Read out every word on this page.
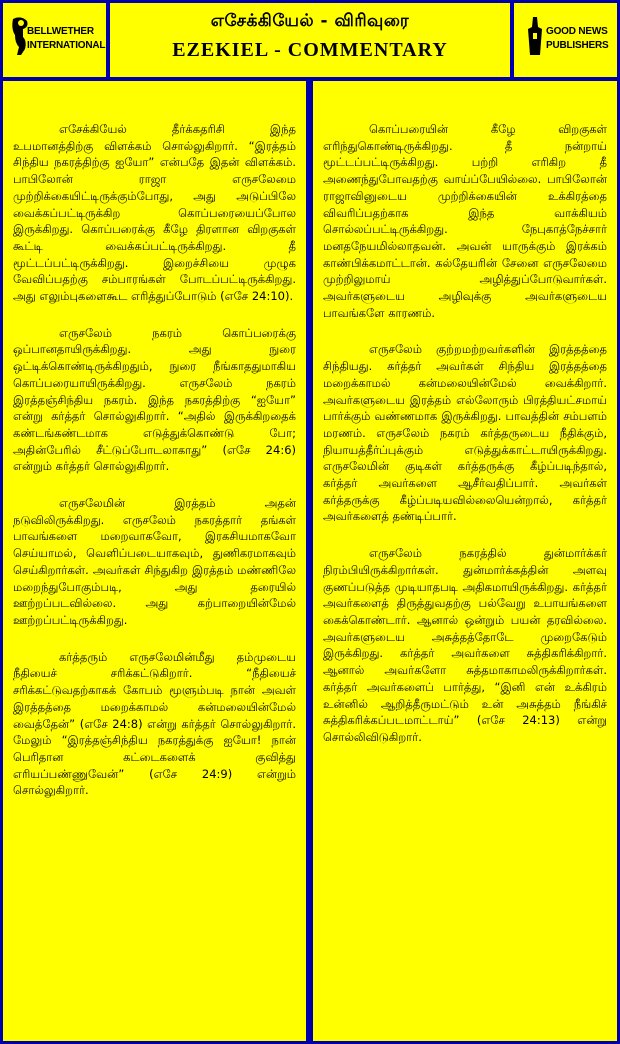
BELLWETHER
INTERNATIONAL
எசேக்கியேல் - விரிவுரை
EZEKIEL - COMMENTARY
GOOD NEWS
PUBLISHERS

எசேக்கியேல் தீர்க்கதரிசி இந்த உபமானத்திற்கு விளக்கம் சொல்லுகிறார். “இரத்தம் சிந்திய நகரத்திற்கு ஐயோ” என்பதே இதன் விளக்கம். பாபிலோன் ராஜா எருசலேமை முற்றிக்கையிட்டிருக்கும்போது, அது அடுப்பிலே வைக்கப்பட்டிருக்கிற கொப்பரையைப்போல இருக்கிறது. கொப்பரைக்கு கீழே திரளான விறகுகள் கூட்டி வைக்கப்பட்டிருக்கிறது. தீ மூட்டப்பட்டிருக்கிறது. இறைச்சியை முழுக வேவிப்பதற்கு சம்பாரங்கள் போடப்பட்டிருக்கிறது. அது எலும்புகளைகூட எரித்துப்போடும் (எசே 24:10).

எருசலேம் நகரம் கொப்பரைக்கு ஒப்பானதாயிருக்கிறது. அது நுரை ஒட்டிக்கொண்டிருக்கிறதும், நுரை நீங்காததுமாகிய கொப்பரையாயிருக்கிறது. எருசலேம் நகரம் இரத்தஞ்சிந்திய நகரம். இந்த நகரத்திற்கு “ஐயோ” என்று கர்த்தர் சொல்லுகிறார். “அதில் இருக்கிறதைக் கண்டங்கண்டமாக எடுத்துக்கொண்டு போ; அதின்பேரில் சீட்டுப்போடலாகாது” (எசே 24:6) என்றும் கர்த்தர் சொல்லுகிறார்.

எருசலேமின் இரத்தம் அதன் நடுவிலிருக்கிறது. எருசலேம் நகரத்தார் தங்கள் பாவங்களை மறைவாகவோ, இரகசியமாகவோ செய்யாமல், வெளிப்படையாகவும், துணிகரமாகவும் செய்கிறார்கள். அவர்கள் சிந்துகிற இரத்தம் மண்ணிலே மறைந்துபோகும்படி, அது தரையில் ஊற்றப்படவில்லை. அது கற்பாறையின்மேல் ஊற்றப்பட்டிருக்கிறது.

கர்த்தரும் எருசலேமின்மீது தம்முடைய நீதியைச் சரிக்கட்டுகிறார். “நீதியைச் சரிக்கட்டுவதற்காகக் கோபம் மூளும்படி நான் அவள் இரத்தத்தை மறைக்காமல் கன்மலையின்மேல் வைத்தேன்” (எசே 24:8) என்று கர்த்தர் சொல்லுகிறார். மேலும் “இரத்தஞ்சிந்திய நகரத்துக்கு ஐயோ! நான் பெரிதான கட்டைகளைக் குவித்து எரியப்பண்ணுவேன்” (எசே 24:9) என்றும் சொல்லுகிறார்.

கொப்பரையின் கீழே விறகுகள் எரிந்துகொண்டிருக்கிறது. தீ நன்றாய் மூட்டப்பட்டிருக்கிறது. பற்றி எரிகிற தீ அணைந்துபோவதற்கு வாய்ப்பேயில்லை. பாபிலோன் ராஜாவினுடைய முற்றிக்கையின் உக்கிரத்தை விவரிப்பதற்காக இந்த வாக்கியம் சொல்லப்பட்டிருக்கிறது. நேபுகாத்நேச்சார் மனதநேயமில்லாதவன். அவன் யாருக்கும் இரக்கம் காண்பிக்கமாட்டான். கல்தேயரின் சேனை எருசலேமை முற்றிலுமாய் அழித்துப்போடுவார்கள். அவர்களுடைய அழிவுக்கு அவர்களுடைய பாவங்களே காரணம்.

எருசலேம் குற்றமற்றவர்களின் இரத்தத்தை சிந்தியது. கர்த்தர் அவர்கள் சிந்திய இரத்தத்தை மறைக்காமல் கன்மலையின்மேல் வைக்கிறார். அவர்களுடைய இரத்தம் எல்லோரும் பிரத்தியட்சமாய் பார்க்கும் வண்ணமாக இருக்கிறது. பாவத்தின் சம்பளம் மரணம். எருசலேம் நகரம் கர்த்தருடைய நீதிக்கும், நியாயத்தீர்ப்புக்கும் எடுத்துக்காட்டாயிருக்கிறது. எருசலேமின் குடிகள் கர்த்தருக்கு கீழ்ப்படிந்தால், கர்த்தர் அவர்களை ஆசீர்வதிப்பார். அவர்கள் கர்த்தருக்கு கீழ்ப்படியவில்லையென்றால், கர்த்தர் அவர்களைத் தண்டிப்பார்.

எருசலேம் நகரத்தில் துன்மார்க்கர் நிரம்பியிருக்கிறார்கள். துன்மார்க்கத்தின் அளவு குணப்படுத்த முடியாதபடி அதிகமாயிருக்கிறது. கர்த்தர் அவர்களைத் திருத்துவதற்கு பல்வேறு உபாயங்களை கைக்கொண்டார். ஆனால் ஒன்றும் பயன் தரவில்லை. அவர்களுடைய அசுத்தத்தோடே முறைகேடும் இருக்கிறது. கர்த்தர் அவர்களை சுத்திகரிக்கிறார். ஆனால் அவர்களோ சுத்தமாகாமலிருக்கிறார்கள். கர்த்தர் அவர்களைப் பார்த்து, “இனி என் உக்கிரம் உன்னில் ஆறித்தீருமட்டும் உன் அசுத்தம் நீங்கிச் சுத்திகரிக்கப்படமாட்டாய்” (எசே 24:13) என்று சொல்லிவிடுகிறார்.
